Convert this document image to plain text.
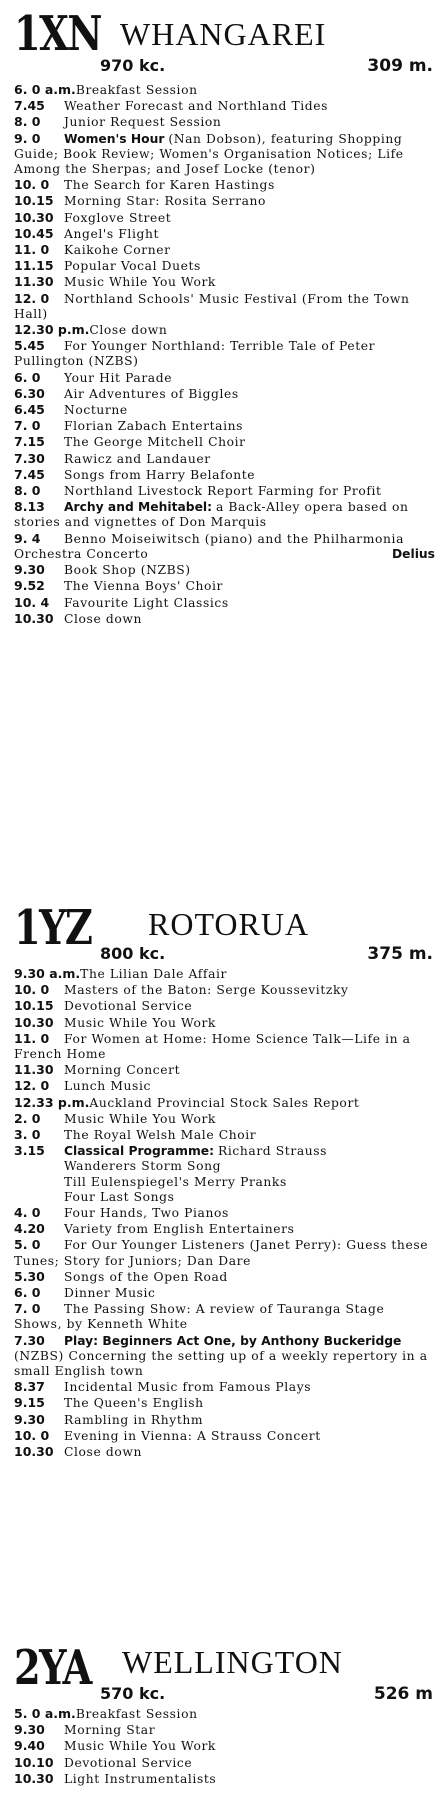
1XN WHANGAREI
970 kc.	309 m.
6. 0 a.m.Breakfast Session
7.45 Weather Forecast and Northland Tides
8. 0 Junior Request Session
9. 0 Women's Hour (Nan Dobson), featuring Shopping Guide; Book Review; Women's Organisation Notices; Life Among the Sherpas; and Josef Locke (tenor)
10. 0 The Search for Karen Hastings
10.15 Morning Star: Rosita Serrano
10.30 Foxglove Street
10.45 Angel's Flight
11. 0 Kaikohe Corner
11.15 Popular Vocal Duets
11.30 Music While You Work
12. 0 Northland Schools' Music Festival (From the Town Hall)
12.30 p.m.Close down
5.45 For Younger Northland: Terrible Tale of Peter Pullington (NZBS)
6. 0 Your Hit Parade
6.30 Air Adventures of Biggles
6.45 Nocturne
7. 0 Florian Zabach Entertains
7.15 The George Mitchell Choir
7.30 Rawicz and Landauer
7.45 Songs from Harry Belafonte
8. 0 Northland Livestock Report Farming for Profit
8.13 Archy and Mehitabel: a Back-Alley opera based on stories and vignettes of Don Marquis
9. 4 Benno Moiseiwitsch (piano) and the Philharmonia Orchestra Concerto	Delius
9.30 Book Shop (NZBS)
9.52 The Vienna Boys' Choir
10. 4 Favourite Light Classics
10.30 Close down
1YZ ROTORUA
800 kc.	375 m.
9.30 a.m.The Lilian Dale Affair
10. 0 Masters of the Baton: Serge Koussevitzky
10.15 Devotional Service
10.30 Music While You Work
11. 0 For Women at Home: Home Science Talk—Life in a French Home
11.30 Morning Concert
12. 0 Lunch Music
12.33 p.m.Auckland Provincial Stock Sales Report
2. 0 Music While You Work
3. 0 The Royal Welsh Male Choir
3.15 Classical Programme: Richard Strauss
Wanderers Storm Song
Till Eulenspiegel's Merry Pranks
Four Last Songs
4. 0 Four Hands, Two Pianos
4.20 Variety from English Entertainers
5. 0 For Our Younger Listeners (Janet Perry): Guess these Tunes; Story for Juniors; Dan Dare
5.30 Songs of the Open Road
6. 0 Dinner Music
7. 0 The Passing Show: A review of Tauranga Stage Shows, by Kenneth White
7.30 Play: Beginners Act One, by Anthony Buckeridge (NZBS) Concerning the setting up of a weekly repertory in a small English town
8.37 Incidental Music from Famous Plays
9.15 The Queen's English
9.30 Rambling in Rhythm
10. 0 Evening in Vienna: A Strauss Concert
10.30 Close down
2YA WELLINGTON
570 kc.	526 m
5. 0 a.m.Breakfast Session
9.30 Morning Star
9.40 Music While You Work
10.10 Devotional Service
10.30 Light Instrumentalists
